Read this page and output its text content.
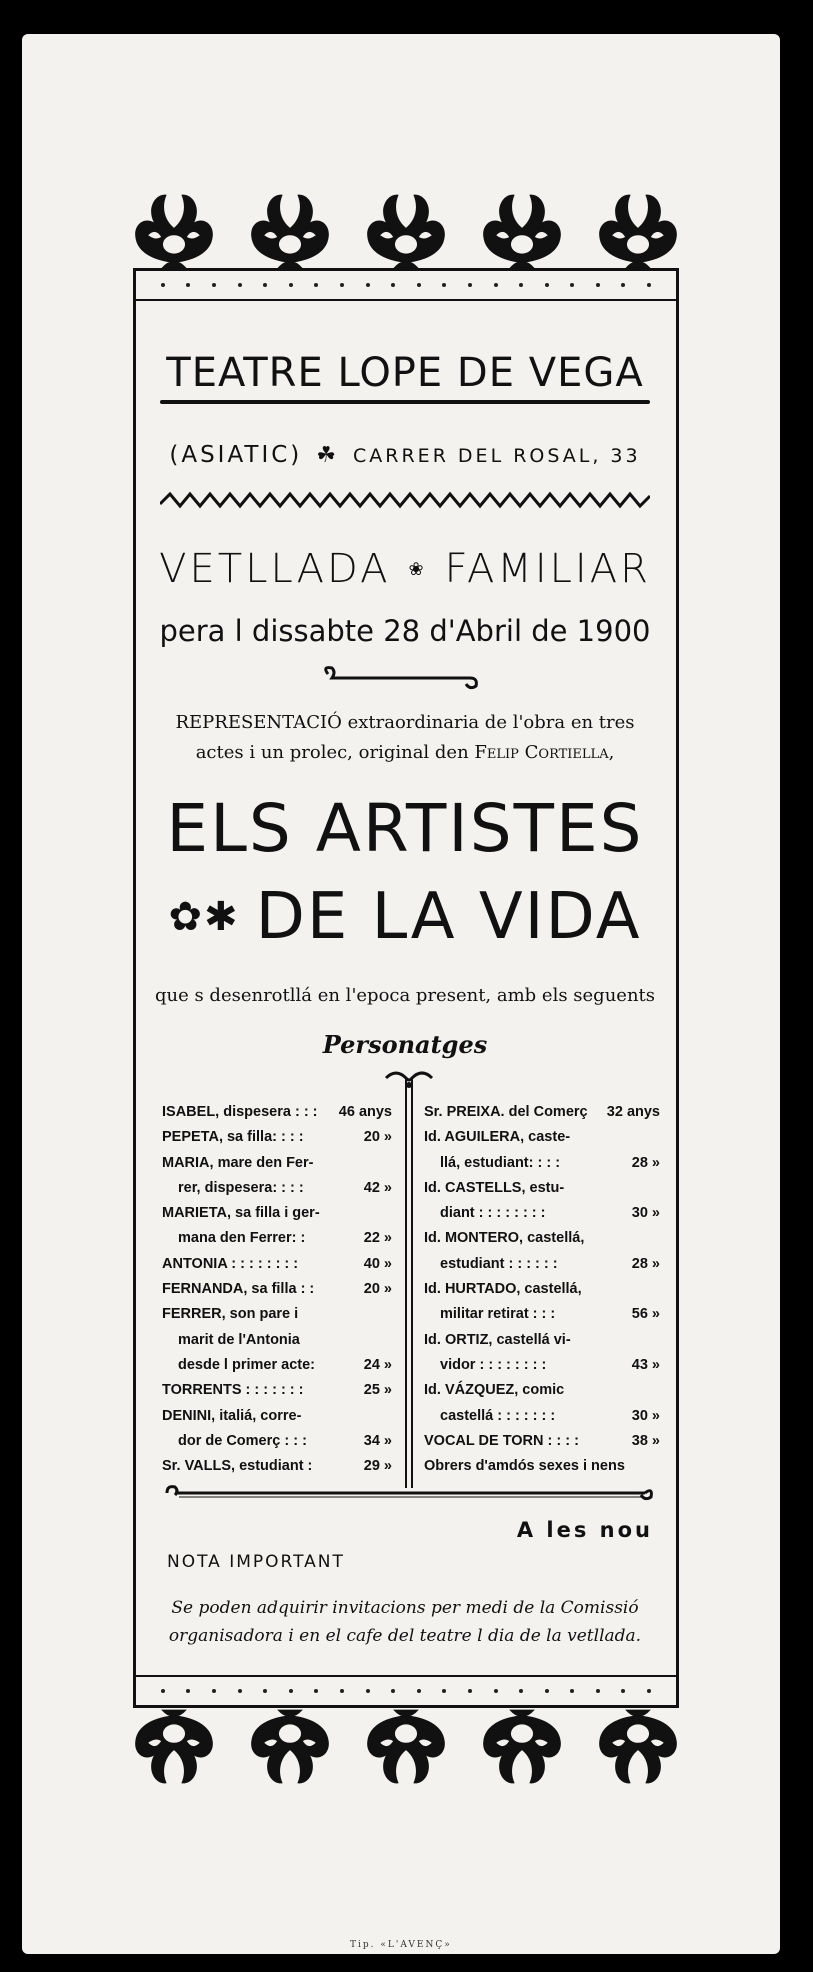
TEATRE LOPE DE VEGA
(ASIATIC) ☘ CARRER DEL ROSAL, 33
VETLLADA ❀ FAMILIAR
pera l dissabte 28 d'Abril de 1900
REPRESENTACIÓ extraordinaria de l'obra en tres
actes i un prolec, original den Felip Cortiella,
ELS ARTISTES
✿✱ DE LA VIDA
que s desenrotllá en l'epoca present, amb els seguents
Personatges
ISABEL, dispesera : : : 46 anys
PEPETA, sa filla: : : :	20 »
MARIA, mare den Fer-
rer, dispesera: : : :	42 »
MARIETA, sa filla i ger-
mana den Ferrer: :	22 »
ANTONIA : : : : : : : :	40 »
FERNANDA, sa filla : :	20 »
FERRER, son pare i
marit de l'Antonia
desde l primer acte:	24 »
TORRENTS : : : : : : :	25 »
DENINI, italiá, corre-
dor de Comerç : : :	34 »
Sr. VALLS, estudiant :	29 »
Sr. PREIXA. del Comerç 32 anys
Id. AGUILERA, caste-
llá, estudiant: : : :	28 »
Id. CASTELLS, estu-
diant : : : : : : : :	30 »
Id. MONTERO, castellá,
estudiant : : : : : :	28 »
Id. HURTADO, castellá,
militar retirat : : :	56 »
Id. ORTIZ, castellá vi-
vidor : : : : : : : :	43 »
Id. VÁZQUEZ, comic
castellá : : : : : : :	30 »
VOCAL DE TORN : : : :	38 »
Obrers d'amdós sexes i nens
A les nou
NOTA IMPORTANT
Se poden adquirir invitacions per medi de la Comissió
organisadora i en el cafe del teatre l dia de la vetllada.
Tip. «L'AVENÇ»
